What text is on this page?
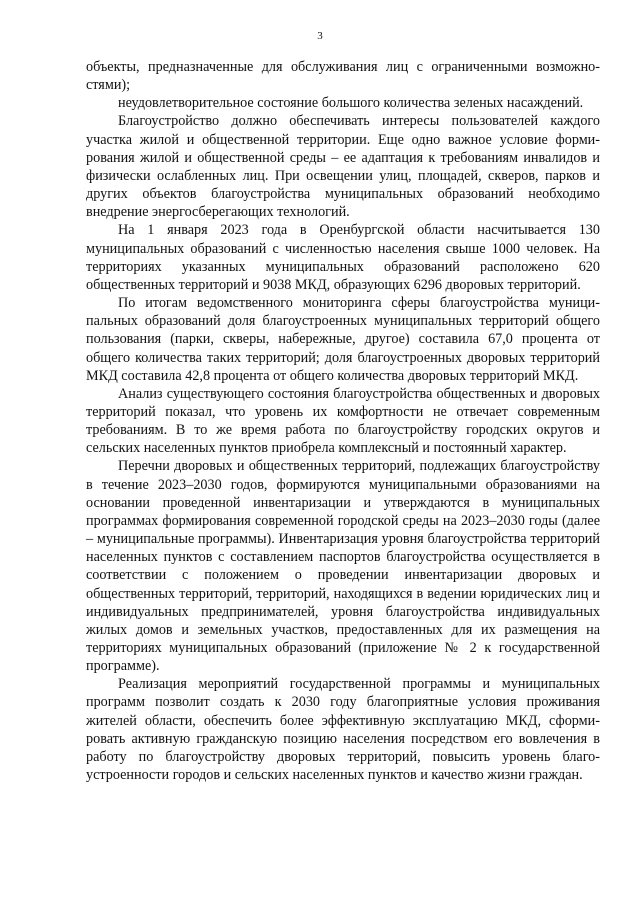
3

объекты, предназначенные для обслуживания лиц с ограниченными возможностями);

неудовлетворительное состояние большого количества зеленых насаждений.

Благоустройство должно обеспечивать интересы пользователей каждого участка жилой и общественной территории. Еще одно важное условие формирования жилой и общественной среды – ее адаптация к требованиям инвалидов и физически ослабленных лиц. При освещении улиц, площадей, скверов, парков и других объектов благоустройства муниципальных образований необходимо внедрение энергосберегающих технологий.

На 1 января 2023 года в Оренбургской области насчитывается 130 муниципальных образований с численностью населения свыше 1000 человек. На территориях указанных муниципальных образований расположено 620 общественных территорий и 9038 МКД, образующих 6296 дворовых территорий.

По итогам ведомственного мониторинга сферы благоустройства муниципальных образований доля благоустроенных муниципальных территорий общего пользования (парки, скверы, набережные, другое) составила 67,0 процента от общего количества таких территорий; доля благоустроенных дворовых территорий МКД составила 42,8 процента от общего количества дворовых территорий МКД.

Анализ существующего состояния благоустройства общественных и дворовых территорий показал, что уровень их комфортности не отвечает современным требованиям. В то же время работа по благоустройству городских округов и сельских населенных пунктов приобрела комплексный и постоянный характер.

Перечни дворовых и общественных территорий, подлежащих благоустройству в течение 2023–2030 годов, формируются муниципальными образованиями на основании проведенной инвентаризации и утверждаются в муниципальных программах формирования современной городской среды на 2023–2030 годы (далее – муниципальные программы). Инвентаризация уровня благоустройства территорий населенных пунктов с составлением паспортов благоустройства осуществляется в соответствии с положением о проведении инвентаризации дворовых и общественных территорий, территорий, находящихся в ведении юридических лиц и индивидуальных предпринимателей, уровня благоустройства индивидуальных жилых домов и земельных участков, предоставленных для их размещения на территориях муниципальных образований (приложение № 2 к государственной программе).

Реализация мероприятий государственной программы и муниципальных программ позволит создать к 2030 году благоприятные условия проживания жителей области, обеспечить более эффективную эксплуатацию МКД, сформировать активную гражданскую позицию населения посредством его вовлечения в работу по благоустройству дворовых территорий, повысить уровень благоустроенности городов и сельских населенных пунктов и качество жизни граждан.
